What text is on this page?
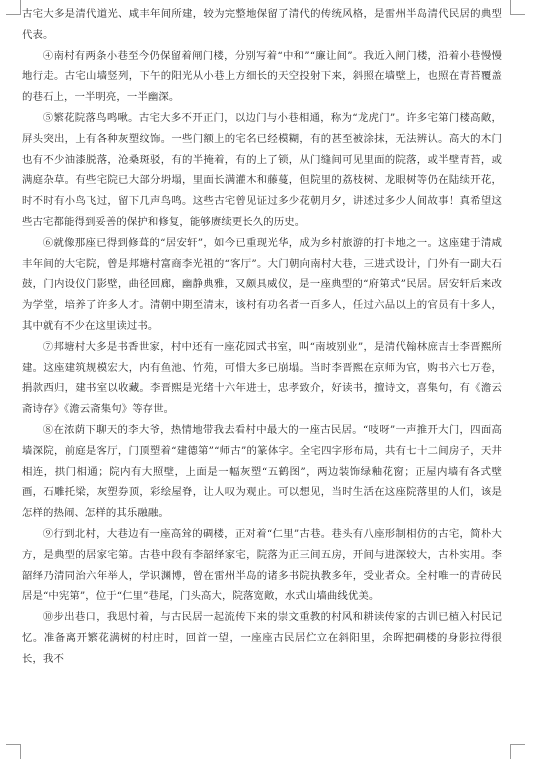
古宅大多是清代道光、咸丰年间所建，较为完整地保留了清代的传统风格，是雷州半岛清代民居的典型代表。

④南村有两条小巷至今仍保留着闸门楼，分别写着“中和”“廉让间”。我近入闸门楼，沿着小巷慢慢地行走。古宅山墙竖列，下午的阳光从小巷上方细长的天空投射下来，斜照在墙壁上，也照在青苔覆盖的巷石上，一半明亮，一半幽深。

⑤繁花院落鸟鸣啾。古宅大多不开正门，以边门与小巷相通，称为“龙虎门”。许多宅第门楼高敞，屏头突出，上有各种灰塑纹饰。一些门额上的宅名已经模糊，有的甚至被涂抹，无法辨认。高大的木门也有不少油漆脱落，沧桑斑驳，有的半掩着，有的上了锁，从门缝间可见里面的院落，或半壁青苔，或满庭杂草。有些宅院已大部分坍塌，里面长满灌木和藤蔓，但院里的荔枝树、龙眼树等仍在陆续开花，时不时有小鸟飞过，留下几声鸟鸣。这些古宅曾见证过多少花朝月夕，讲述过多少人间故事！真希望这些古宅都能得到妥善的保护和修复，能够赓续更长久的历史。

⑥就像那座已得到修葺的“居安轩”，如今已重现光华，成为乡村旅游的打卡地之一。这座建于清咸丰年间的大宅院，曾是邦塘村富商李光祖的“客厅”。大门朝向南村大巷，三进式设计，门外有一副大石鼓，门内设仪门影壁，曲径回廊，幽静典雅，又颇具威仪，是一座典型的“府第式”民居。居安轩后来改为学堂，培养了许多人才。清朝中期至清末，该村有功名者一百多人，任过六品以上的官员有十多人，其中就有不少在这里读过书。

⑦邦塘村大多是书香世家，村中还有一座花园式书室，叫“南坡别业”，是清代翰林庶吉士李晋熙所建。这座建筑规模宏大，内有鱼池、竹苑，可惜大多已崩塌。当时李晋熙在京师为官，购书六七万卷，捐款西归，建书室以收藏。李晋熙是光绪十六年进士，忠孝致介，好读书，擅诗文，喜集句，有《澹云斋诗存》《澹云斋集句》等存世。

⑧在浓荫下聊天的李大爷，热情地带我去看村中最大的一座古民居。“吱呀”一声推开大门，四面高墙深院，前庭是客厅，门顶塑着“建德第”“师古”的篆体字。全宅四字形布局，共有七十二间房子，天井相连，拱门相通；院内有大照壁，上面是一幅灰塑“五鹤图”，两边装饰绿釉花窗；正屋内墙有各式壁画，石雕托梁，灰塑券顶，彩绘屋脊，让人叹为观止。可以想见，当时生活在这座院落里的人们，该是怎样的热闹、怎样的其乐融融。

⑨行到北村，大巷边有一座高耸的碉楼，正对着“仁里”古巷。巷头有八座形制相仿的古宅，简朴大方，是典型的居家宅第。古巷中段有李韶绎家宅，院落为正三间五房，开间与进深较大，古朴实用。李韶绎乃清同治六年举人，学识渊博，曾在雷州半岛的诸多书院执教多年，受业者众。全村唯一的青砖民居是“中宪第”，位于“仁里”巷尾，门头高大，院落宽敞，水式山墙曲线优美。

⑩步出巷口，我思忖着，与古民居一起流传下来的崇文重教的村风和耕读传家的古训已植入村民记忆。准备离开繁花满树的村庄时，回首一望，一座座古民居伫立在斜阳里，余晖把碉楼的身影拉得很长，我不
